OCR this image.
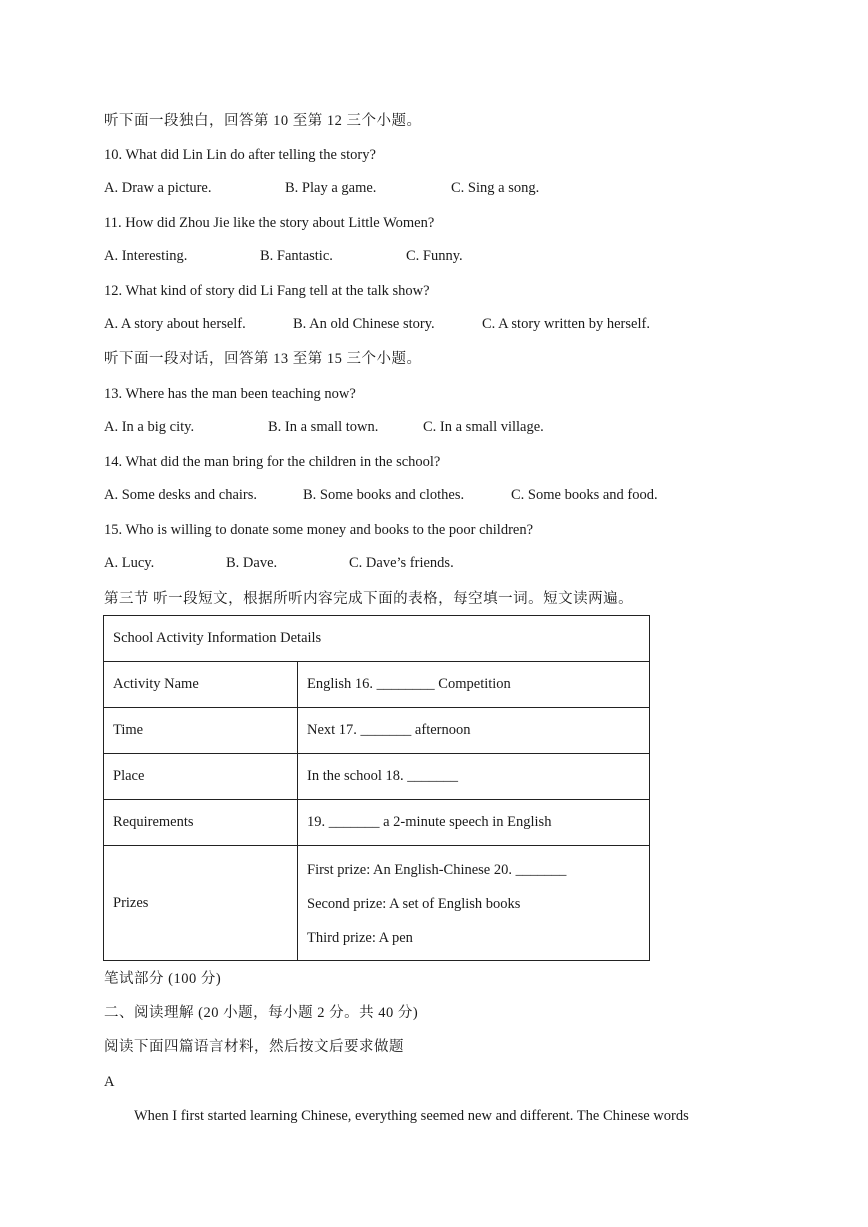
听下面一段独白，回答第 10 至第 12 三个小题。
10. What did Lin Lin do after telling the story?
A. Draw a picture.	B. Play a game.	C. Sing a song.
11. How did Zhou Jie like the story about Little Women?
A. Interesting.	B. Fantastic.	C. Funny.
12. What kind of story did Li Fang tell at the talk show?
A. A story about herself.	B. An old Chinese story.	C. A story written by herself.
听下面一段对话，回答第 13 至第 15 三个小题。
13. Where has the man been teaching now?
A. In a big city.	B. In a small town.	C. In a small village.
14. What did the man bring for the children in the school?
A. Some desks and chairs.	B. Some books and clothes.	C. Some books and food.
15. Who is willing to donate some money and books to the poor children?
A. Lucy.	B. Dave.	C. Dave’s friends.
第三节 听一段短文，根据所听内容完成下面的表格，每空填一词。短文读两遍。
School Activity Information Details	
Activity Name	English 16. ________ Competition
Time	Next 17. _______ afternoon
Place	In the school 18. _______
Requirements	19. _______ a 2-minute speech in English
Prizes	First prize: An English-Chinese 20. _______
Second prize: A set of English books
Third prize: A pen
笔试部分 (100 分)
二、阅读理解 (20 小题，每小题 2 分。共 40 分)
阅读下面四篇语言材料，然后按文后要求做题
A
When I first started learning Chinese, everything seemed new and different. The Chinese words
